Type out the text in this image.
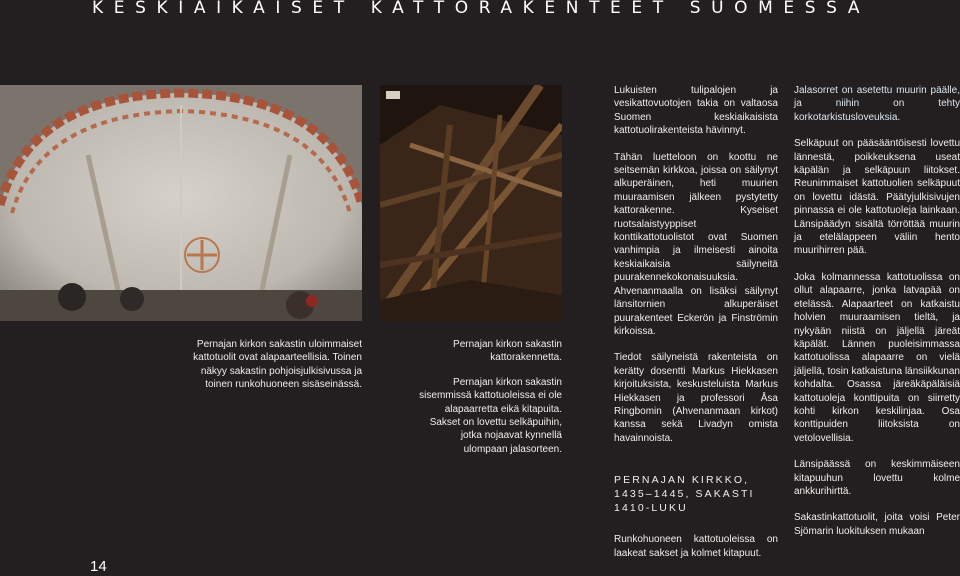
KESKIAIKAISET KATTORAKENTEET SUOMESSA

Pernajan kirkon sakastin uloimmaiset kattotuolit ovat alapaarteellisia. Toinen näkyy sakastin pohjoisjulkisivussa ja toinen runkohuoneen sisäseinässä.

Pernajan kirkon sakastin kattorakennetta.

Pernajan kirkon sakastin sisemmissä kattotuoleissa ei ole alapaarretta eikä kitapuita. Sakset on lovettu selkäpuihin, jotka nojaavat kynnellä ulompaan jalasorteen.

Lukuisten tulipalojen ja vesikattovuotojen takia on valtaosa Suomen keskiaikaisista kattotuolirakenteista hävinnyt.

Tähän luetteloon on koottu ne seitsemän kirkkoa, joissa on säilynyt alkuperäinen, heti muurien muuraamisen jälkeen pystytetty kattorakenne. Kyseiset ruotsalaistyyppiset konttikattotuolistot ovat Suomen vanhimpia ja ilmeisesti ainoita keskiaikaisia säilyneitä puurakennekokonaisuuksia. Ahvenanmaalla on lisäksi säilynyt länsitornien alkuperäiset puurakenteet Eckerön ja Finströmin kirkoissa.

Tiedot säilyneistä rakenteista on kerätty dosentti Markus Hiekkasen kirjoituksista, keskusteluista Markus Hiekkasen ja professori Åsa Ringbomin (Ahvenanmaan kirkot) kanssa sekä Livadyn omista havainnoista.

PERNAJAN KIRKKO,
1435–1445, SAKASTI
1410-LUKU

Runkohuoneen kattotuoleissa on laakeat sakset ja kolmet kitapuut.

Jalasorret on asetettu muurin päälle, ja niihin on tehty korkotarkistusloveuksia.

Selkäpuut on pääsääntöisesti lovettu lännestä, poikkeuksena useat käpälän ja selkäpuun liitokset. Reunimmaiset kattotuolien selkäpuut on lovettu idästä. Päätyjulkisivujen pinnassa ei ole kattotuoleja lainkaan. Länsipäädyn sisältä törröttää muurin ja etelälappeen väliin hento muurihirren pää.

Joka kolmannessa kattotuolissa on ollut alapaarre, jonka latvapää on etelässä. Alapaarteet on katkaistu holvien muuraamisen tieltä, ja nykyään niistä on jäljellä järeät käpälät. Lännen puoleisimmassa kattotuolissa alapaarre on vielä jäljellä, tosin katkaistuna länsiikkunan kohdalta. Osassa järeäkäpäläisiä kattotuoleja konttipuita on siirretty kohti kirkon keskilinjaa. Osa konttipuiden liitoksista on vetolovellisia.

Länsipäässä on keskimmäiseen kitapuuhun lovettu kolme ankkurihirttä.

Sakastinkattotuolit, joita voisi Peter Sjömarin luokituksen mukaan

14
